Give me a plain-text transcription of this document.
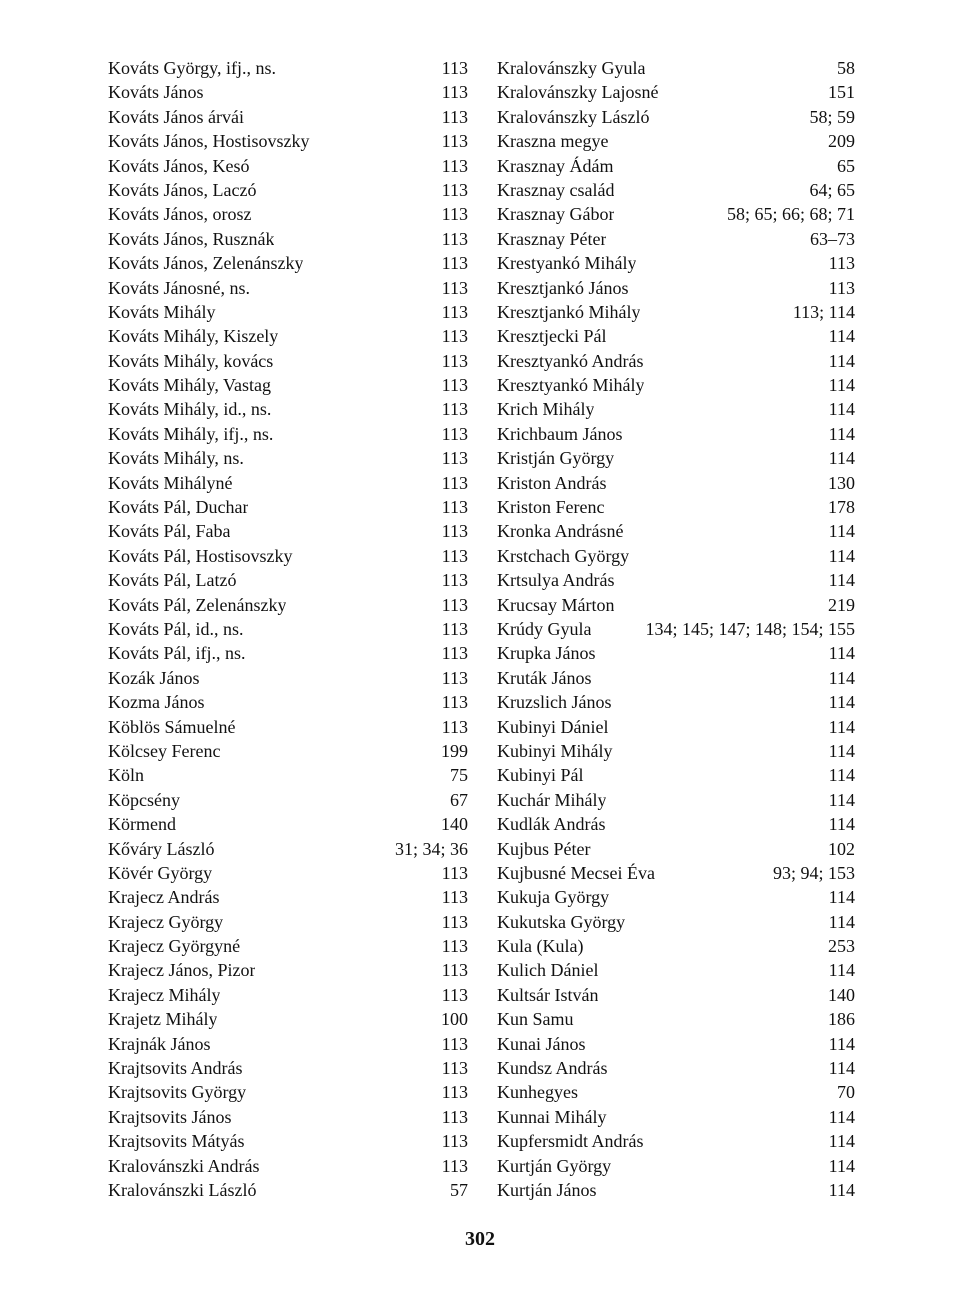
Kováts György, ifj., ns.	113
Kováts János	113
Kováts János árvái	113
Kováts János, Hostisovszky	113
Kováts János, Kesó	113
Kováts János, Laczó	113
Kováts János, orosz	113
Kováts János, Rusznák	113
Kováts János, Zelenánszky	113
Kováts Jánosné, ns.	113
Kováts Mihály	113
Kováts Mihály, Kiszely	113
Kováts Mihály, kovács	113
Kováts Mihály, Vastag	113
Kováts Mihály, id., ns.	113
Kováts Mihály, ifj., ns.	113
Kováts Mihály, ns.	113
Kováts Mihályné	113
Kováts Pál, Duchar	113
Kováts Pál, Faba	113
Kováts Pál, Hostisovszky	113
Kováts Pál, Latzó	113
Kováts Pál, Zelenánszky	113
Kováts Pál, id., ns.	113
Kováts Pál, ifj., ns.	113
Kozák János	113
Kozma János	113
Köblös Sámuelné	113
Kölcsey Ferenc	199
Köln	75
Köpcsény	67
Körmend	140
Kőváry László	31; 34; 36
Kövér György	113
Krajecz András	113
Krajecz György	113
Krajecz Györgyné	113
Krajecz János, Pizor	113
Krajecz Mihály	113
Krajetz Mihály	100
Krajnák János	113
Krajtsovits András	113
Krajtsovits György	113
Krajtsovits János	113
Krajtsovits Mátyás	113
Kralovánszki András	113
Kralovánszki László	57
Kralovánszky Gyula	58
Kralovánszky Lajosné	151
Kralovánszky László	58; 59
Kraszna megye	209
Krasznay Ádám	65
Krasznay család	64; 65
Krasznay Gábor	58; 65; 66; 68; 71
Krasznay Péter	63–73
Krestyankó Mihály	113
Kresztjankó János	113
Kresztjankó Mihály	113; 114
Kresztjecki Pál	114
Kresztyankó András	114
Kresztyankó Mihály	114
Krich Mihály	114
Krichbaum János	114
Kristján György	114
Kriston András	130
Kriston Ferenc	178
Kronka Andrásné	114
Krstchach György	114
Krtsulya András	114
Krucsay Márton	219
Krúdy Gyula	134; 145; 147; 148; 154; 155
Krupka János	114
Kruták János	114
Kruzslich János	114
Kubinyi Dániel	114
Kubinyi Mihály	114
Kubinyi Pál	114
Kuchár Mihály	114
Kudlák András	114
Kujbus Péter	102
Kujbusné Mecsei Éva	93; 94; 153
Kukuja György	114
Kukutska György	114
Kula (Kula)	253
Kulich Dániel	114
Kultsár István	140
Kun Samu	186
Kunai János	114
Kundsz András	114
Kunhegyes	70
Kunnai Mihály	114
Kupfersmidt András	114
Kurtján György	114
Kurtján János	114
302
